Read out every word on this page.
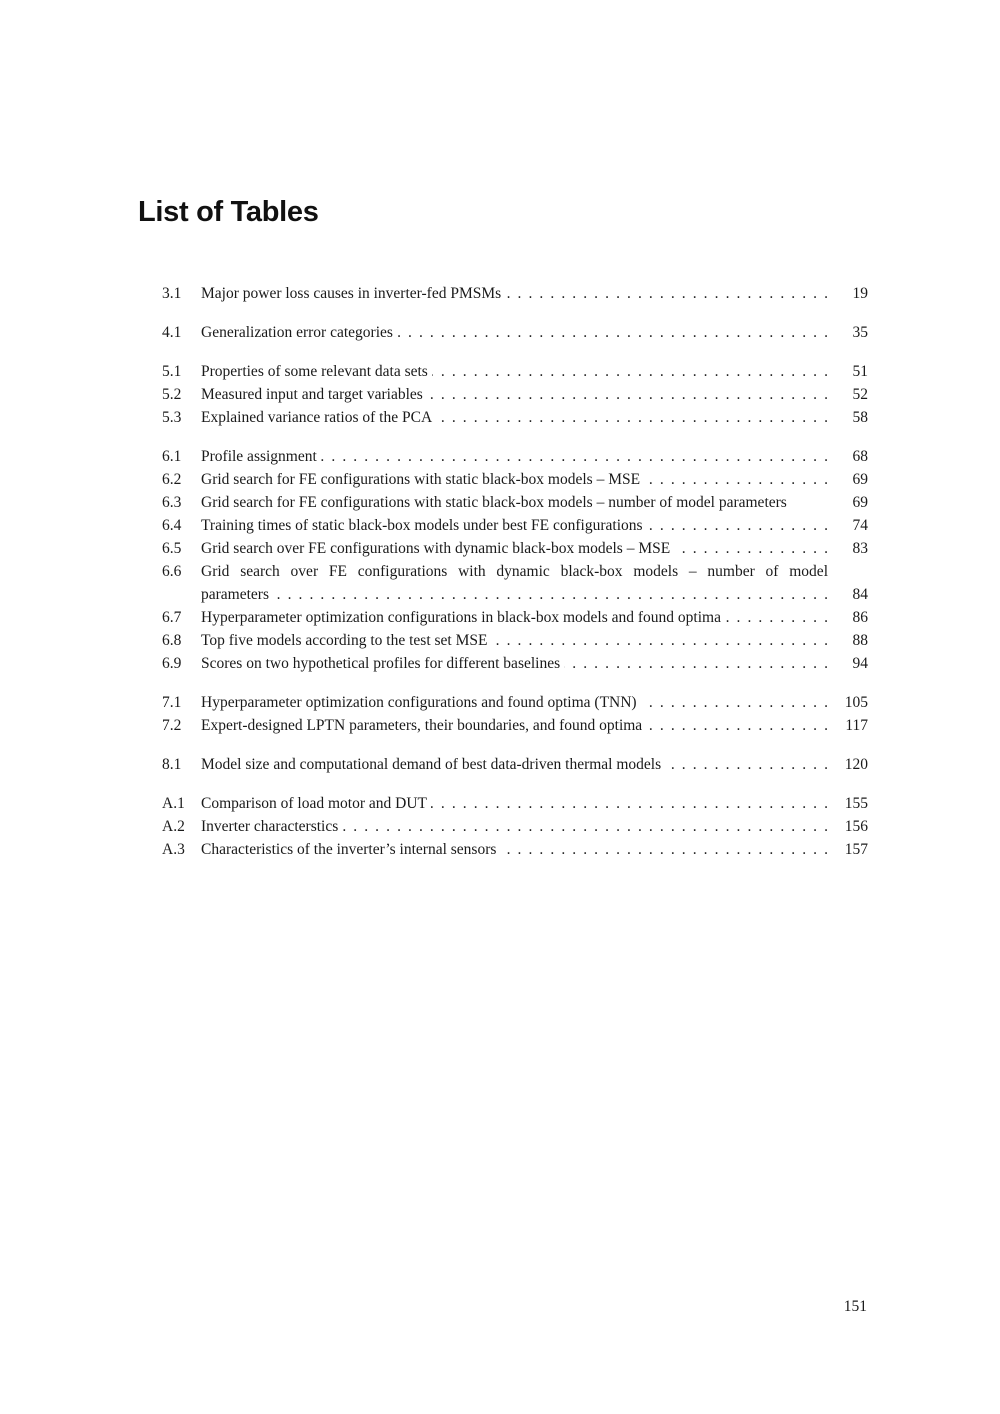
List of Tables
3.1	Major power loss causes in inverter-fed PMSMs . . .	19
4.1	Generalization error categories . . .	35
5.1	Properties of some relevant data sets . . .	51
5.2	Measured input and target variables . . .	52
5.3	Explained variance ratios of the PCA . . .	58
6.1	Profile assignment . . .	68
6.2	Grid search for FE configurations with static black-box models – MSE . . .	69
6.3	Grid search for FE configurations with static black-box models – number of model parameters	69
6.4	Training times of static black-box models under best FE configurations . . .	74
6.5	Grid search over FE configurations with dynamic black-box models – MSE . . .	83
6.6	Grid search over FE configurations with dynamic black-box models – number of model
parameters . . .	84
6.7	Hyperparameter optimization configurations in black-box models and found optima . . .	86
6.8	Top five models according to the test set MSE . . .	88
6.9	Scores on two hypothetical profiles for different baselines . . .	94
7.1	Hyperparameter optimization configurations and found optima (TNN) . . .	105
7.2	Expert-designed LPTN parameters, their boundaries, and found optima . . .	117
8.1	Model size and computational demand of best data-driven thermal models . . .	120
A.1	Comparison of load motor and DUT . . .	155
A.2	Inverter characterstics . . .	156
A.3	Characteristics of the inverter’s internal sensors . . .	157
151
